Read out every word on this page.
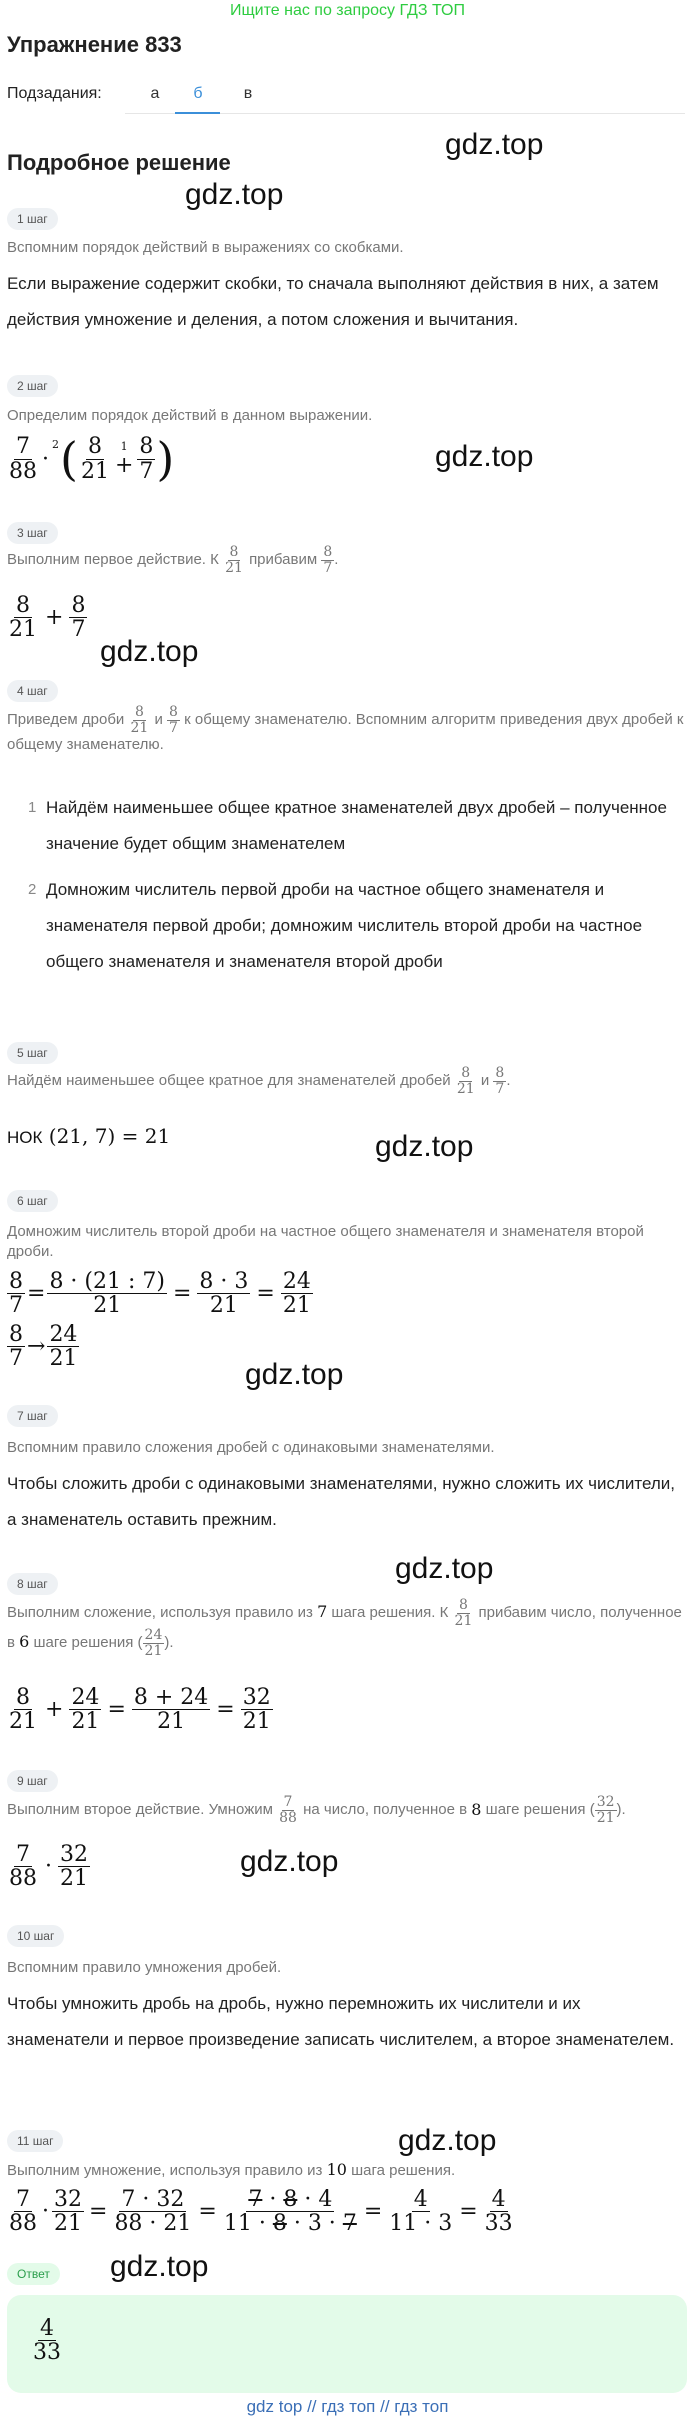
Ищите нас по запросу ГДЗ ТОП
Упражнение 833
Подзадания:	а	б	в
Подробное решение
gdz.top
gdz.top
gdz.top
gdz.top
gdz.top
gdz.top
gdz.top
gdz.top
gdz.top
gdz.top
1 шаг
Вспомним порядок действий в выражениях со скобками.
Если выражение содержит скобки, то сначала выполняют действия в них, а затем действия умножение и деления, а потом сложения и вычитания.
2 шаг
Определим порядок действий в данном выражении.
$\frac{7}{88}$ ·
2 ( $\frac{8}{21} 1$
+ $\frac{8}{7}$ )
3 шаг
Выполним первое действие. К
$\frac{8}{21}$
прибавим
$\frac{8}{7}$ .
$\frac{8}{21} + \frac{8}{7}$
4 шаг
Приведем дроби $\frac{8}{21}$ и $\frac{8}{7}$ к общему знаменателю. Вспомним алгоритм приведения двух дробей к общему знаменателю.
1 Найдём наименьшее общее кратное знаменателей двух дробей – полученное значение будет общим знаменателем
2 Домножим числитель первой дроби на частное общего знаменателя и знаменателя первой дроби; домножим числитель второй дроби на частное общего знаменателя и знаменателя второй дроби
5 шаг
Найдём наименьшее общее кратное для знаменателей дробей
$\frac{8}{21}$
и
$\frac{8}{7}$ .
НОК (21, 7) = 21
6 шаг
Домножим числитель второй дроби на частное общего знаменателя и знаменателя второй дроби.
$\frac{8}{7} = \frac{8 \cdot (21 : 7)}{21} = \frac{8 \cdot 3}{21} = \frac{24}{21}$
$\frac{8}{7} \to \frac{24}{21}$
7 шаг
Вспомним правило сложения дробей с одинаковыми знаменателями.
Чтобы сложить дроби с одинаковыми знаменателями, нужно сложить их числители, а знаменатель оставить прежним.
8 шаг
Выполним сложение, используя правило из 7 шага решения. К $\frac{8}{21}$ прибавим число, полученное в 6 шаге решения ( $\frac{24}{21}$ ).
$\frac{8}{21} + \frac{24}{21} = \frac{8 + 24}{21} = \frac{32}{21}$
9 шаг
Выполним второе действие. Умножим
$\frac{7}{88}$
на число, полученное в
8
шаге решения ( $\frac{32}{21}$ ).
$\frac{7}{88} \cdot \frac{32}{21}$
10 шаг
Вспомним правило умножения дробей.
Чтобы умножить дробь на дробь, нужно перемножить их числители и их знаменатели и первое произведение записать числителем, а второе знаменателем.
11 шаг
Выполним умножение, используя правило из 10 шага решения.
$\frac{7}{88} \cdot \frac{32}{21} = \frac{7 \cdot 32}{88 \cdot 21} = \frac{7 \cdot 8 \cdot 4}{11 \cdot 8 \cdot 3 \cdot 7} = \frac{4}{11 \cdot 3} = \frac{4}{33}$
Ответ
$\frac{4}{33}$
gdz top // гдз топ // гдз топ
